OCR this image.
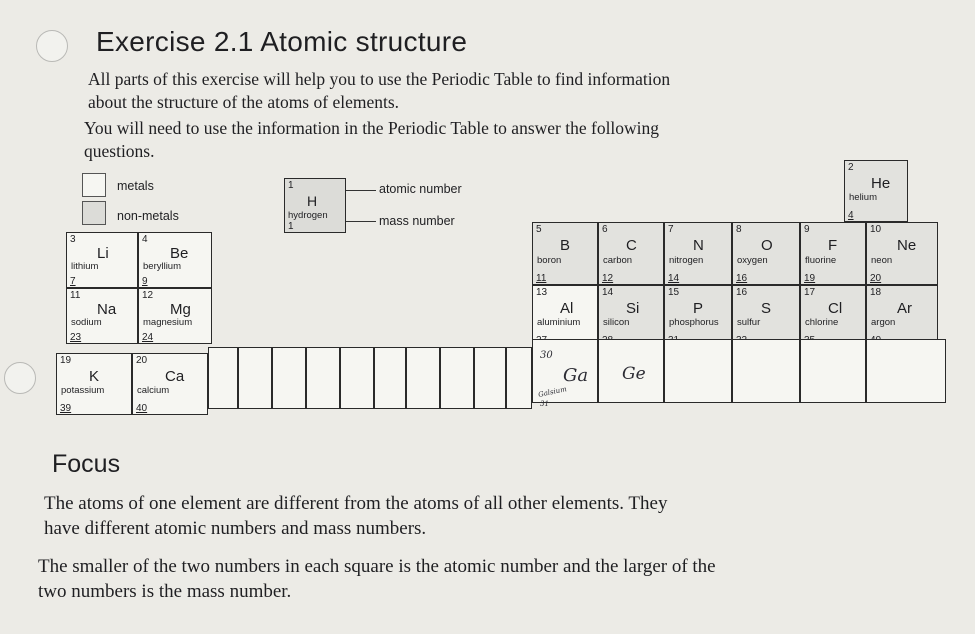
Exercise 2.1 Atomic structure
All parts of this exercise will help you to use the Periodic Table to find information about the structure of the atoms of elements.
You will need to use the information in the Periodic Table to answer the following questions.
metals
non-metals
1
H
hydrogen
1
atomic number
mass number
3
Li
lithium
7
4
Be
beryllium
9
11
Na
sodium
23
12
Mg
magnesium
24
19
K
potassium
39
20
Ca
calcium
40
5
B
boron
11
6
C
carbon
12
7
N
nitrogen
14
8
O
oxygen
16
9
F
fluorine
19
10
Ne
neon
20
13
Al
aluminium
14
Si
silicon
15
P
phosphorus
16
S
sulfur
17
Cl
chlorine
18
Ar
argon
2
He
helium
4
30
Ga
Galsium
31
Ge
Focus
The atoms of one element are different from the atoms of all other elements. They have different atomic numbers and mass numbers.
The smaller of the two numbers in each square is the atomic number and the larger of the two numbers is the mass number.
